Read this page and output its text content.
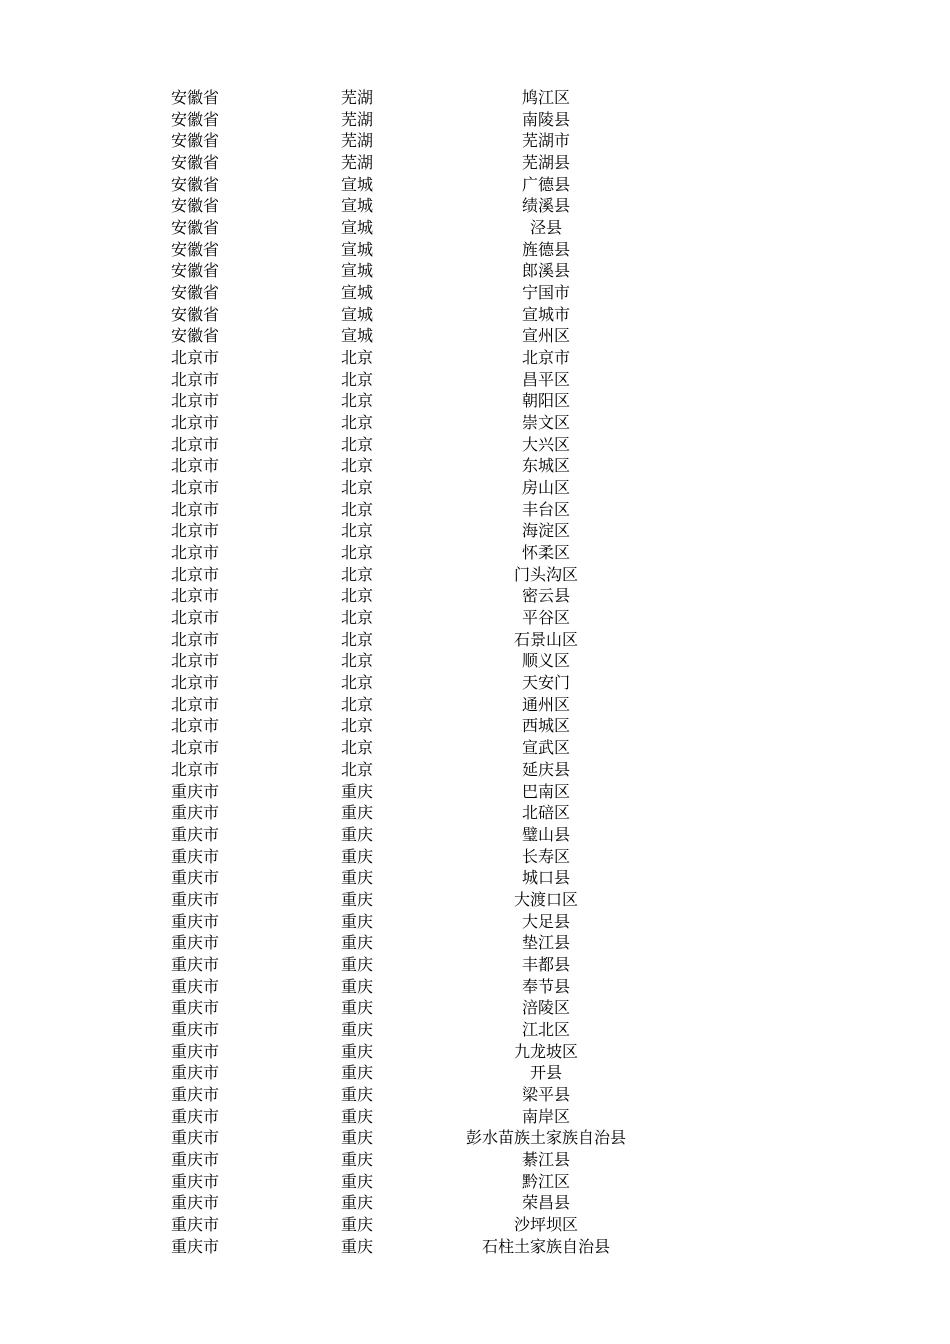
安徽省	芜湖	鸠江区
安徽省	芜湖	南陵县
安徽省	芜湖	芜湖市
安徽省	芜湖	芜湖县
安徽省	宣城	广德县
安徽省	宣城	绩溪县
安徽省	宣城	泾县
安徽省	宣城	旌德县
安徽省	宣城	郎溪县
安徽省	宣城	宁国市
安徽省	宣城	宣城市
安徽省	宣城	宣州区
北京市	北京	北京市
北京市	北京	昌平区
北京市	北京	朝阳区
北京市	北京	崇文区
北京市	北京	大兴区
北京市	北京	东城区
北京市	北京	房山区
北京市	北京	丰台区
北京市	北京	海淀区
北京市	北京	怀柔区
北京市	北京	门头沟区
北京市	北京	密云县
北京市	北京	平谷区
北京市	北京	石景山区
北京市	北京	顺义区
北京市	北京	天安门
北京市	北京	通州区
北京市	北京	西城区
北京市	北京	宣武区
北京市	北京	延庆县
重庆市	重庆	巴南区
重庆市	重庆	北碚区
重庆市	重庆	璧山县
重庆市	重庆	长寿区
重庆市	重庆	城口县
重庆市	重庆	大渡口区
重庆市	重庆	大足县
重庆市	重庆	垫江县
重庆市	重庆	丰都县
重庆市	重庆	奉节县
重庆市	重庆	涪陵区
重庆市	重庆	江北区
重庆市	重庆	九龙坡区
重庆市	重庆	开县
重庆市	重庆	梁平县
重庆市	重庆	南岸区
重庆市	重庆	彭水苗族土家族自治县
重庆市	重庆	綦江县
重庆市	重庆	黔江区
重庆市	重庆	荣昌县
重庆市	重庆	沙坪坝区
重庆市	重庆	石柱土家族自治县
